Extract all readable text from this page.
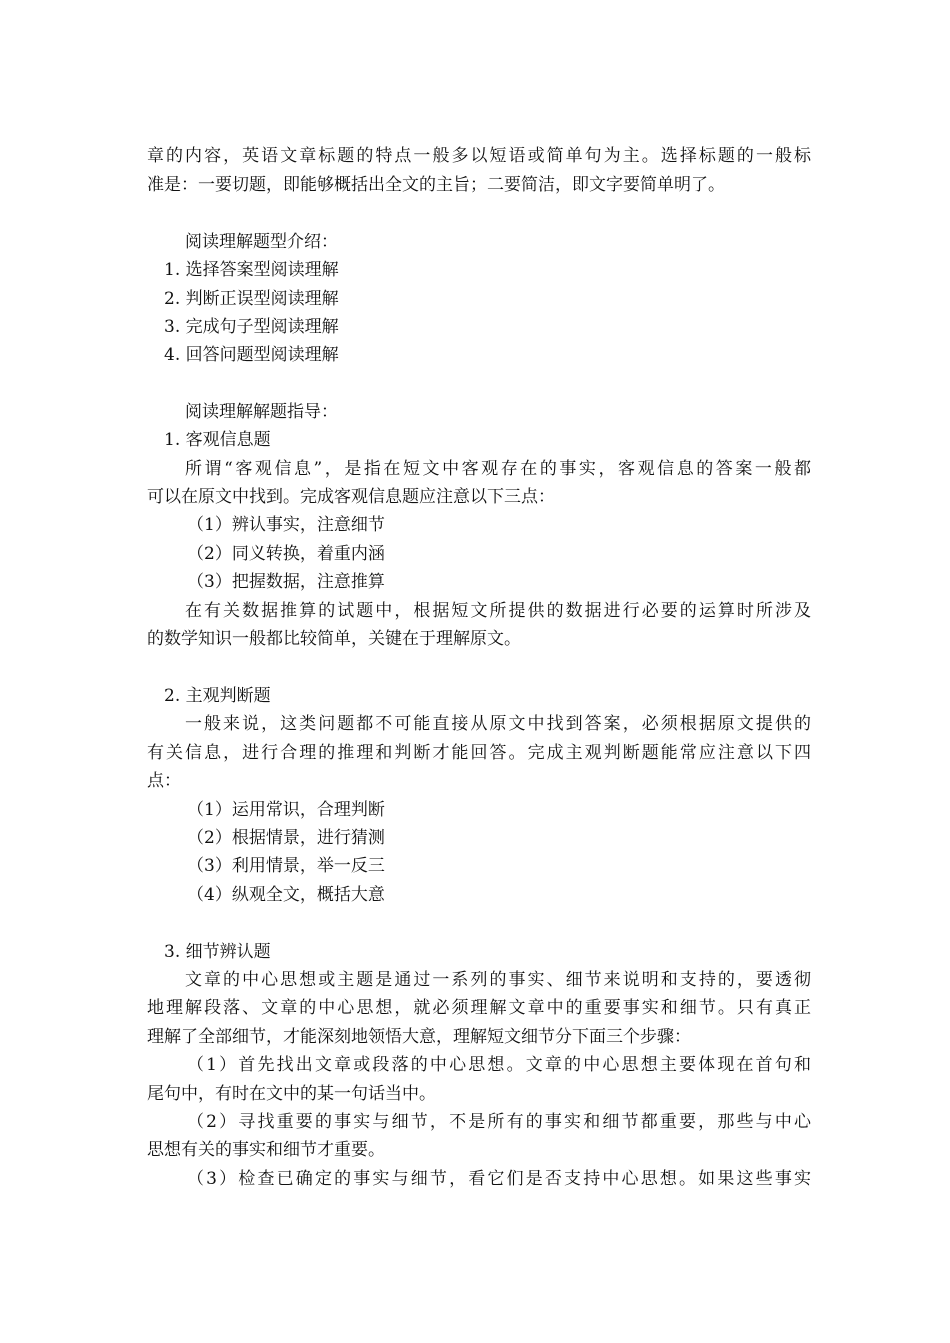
章的内容，英语文章标题的特点一般多以短语或简单句为主。选择标题的一般标
准是：一要切题，即能够概括出全文的主旨；二要简洁，即文字要简单明了。
阅读理解题型介绍：
1. 选择答案型阅读理解
2. 判断正误型阅读理解
3. 完成句子型阅读理解
4. 回答问题型阅读理解
阅读理解解题指导：
1. 客观信息题
所谓“客观信息”，是指在短文中客观存在的事实，客观信息的答案一般都
可以在原文中找到。完成客观信息题应注意以下三点：
（1）辨认事实，注意细节
（2）同义转换，着重内涵
（3）把握数据，注意推算
在有关数据推算的试题中，根据短文所提供的数据进行必要的运算时所涉及
的数学知识一般都比较简单，关键在于理解原文。
2. 主观判断题
一般来说，这类问题都不可能直接从原文中找到答案，必须根据原文提供的
有关信息，进行合理的推理和判断才能回答。完成主观判断题能常应注意以下四
点：
（1）运用常识，合理判断
（2）根据情景，进行猜测
（3）利用情景，举一反三
（4）纵观全文，概括大意
3. 细节辨认题
文章的中心思想或主题是通过一系列的事实、细节来说明和支持的，要透彻
地理解段落、文章的中心思想，就必须理解文章中的重要事实和细节。只有真正
理解了全部细节，才能深刻地领悟大意，理解短文细节分下面三个步骤：
（1）首先找出文章或段落的中心思想。文章的中心思想主要体现在首句和
尾句中，有时在文中的某一句话当中。
（2）寻找重要的事实与细节，不是所有的事实和细节都重要，那些与中心
思想有关的事实和细节才重要。
（3）检查已确定的事实与细节，看它们是否支持中心思想。如果这些事实
